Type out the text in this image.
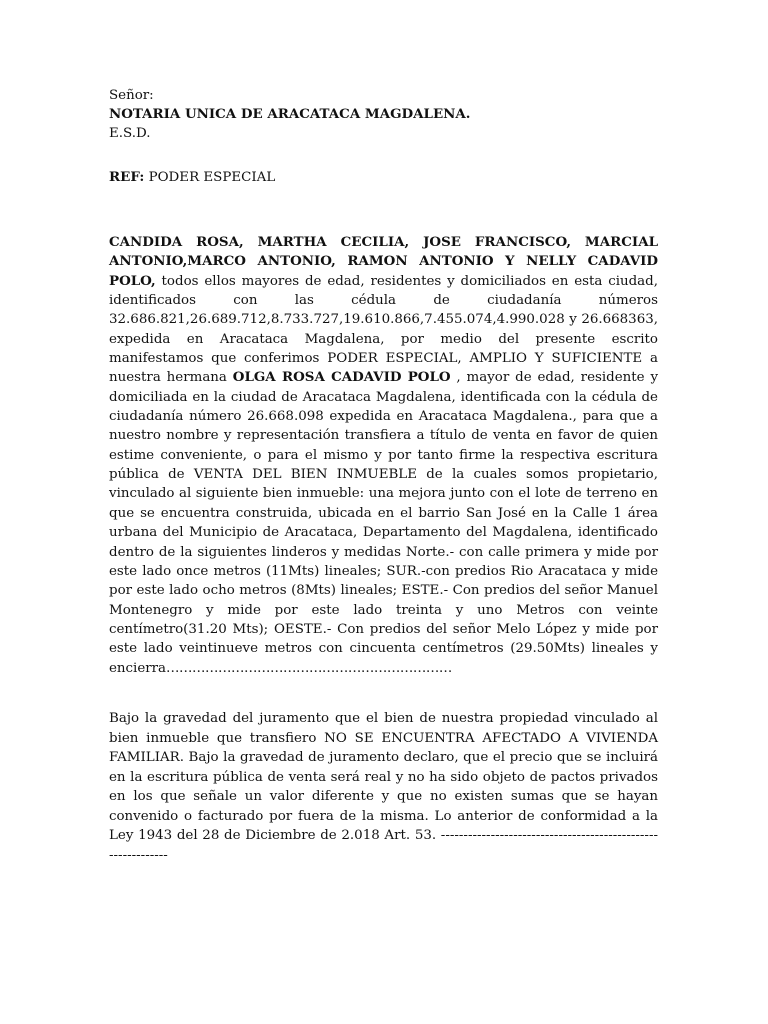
Señor:
NOTARIA UNICA DE ARACATACA MAGDALENA.
E.S.D.
REF: PODER ESPECIAL
CANDIDA ROSA, MARTHA CECILIA, JOSE FRANCISCO, MARCIAL ANTONIO,MARCO ANTONIO, RAMON ANTONIO Y NELLY CADAVID POLO, todos ellos mayores de edad, residentes y domiciliados en esta ciudad, identificados con las cédula de ciudadanía números 32.686.821,26.689.712,8.733.727,19.610.866,7.455.074,4.990.028 y 26.668363, expedida en Aracataca Magdalena, por medio del presente escrito manifestamos que conferimos PODER ESPECIAL, AMPLIO Y SUFICIENTE a nuestra hermana OLGA ROSA CADAVID POLO , mayor de edad, residente y domiciliada en la ciudad de Aracataca Magdalena, identificada con la cédula de ciudadanía número 26.668.098 expedida en Aracataca Magdalena., para que a nuestro nombre y representación transfiera a título de venta en favor de quien estime conveniente, o para el mismo y por tanto firme la respectiva escritura pública de VENTA DEL BIEN INMUEBLE de la cuales somos propietario, vinculado al siguiente bien inmueble: una mejora junto con el lote de terreno en que se encuentra construida, ubicada en el barrio San José en la Calle 1 área urbana del Municipio de Aracataca, Departamento del Magdalena, identificado dentro de la siguientes linderos y medidas Norte.- con calle primera y mide por este lado once metros (11Mts) lineales; SUR.-con predios Rio Aracataca y mide por este lado ocho metros (8Mts) lineales; ESTE.- Con predios del señor Manuel Montenegro y mide por este lado treinta y uno Metros con veinte centímetro(31.20 Mts); OESTE.- Con predios del señor Melo López y mide por este lado veintinueve metros con cincuenta centímetros (29.50Mts) lineales y encierra…………………………………………………………
Bajo la gravedad del juramento que el bien de nuestra propiedad vinculado al bien inmueble que transfiero NO SE ENCUENTRA AFECTADO A VIVIENDA FAMILIAR. Bajo la gravedad de juramento declaro, que el precio que se incluirá en la escritura pública de venta será real y no ha sido objeto de pactos privados en los que señale un valor diferente y que no existen sumas que se hayan convenido o facturado por fuera de la misma. Lo anterior de conformidad a la Ley 1943 del 28 de Diciembre de 2.018 Art. 53. -------------------------------------------------------------
